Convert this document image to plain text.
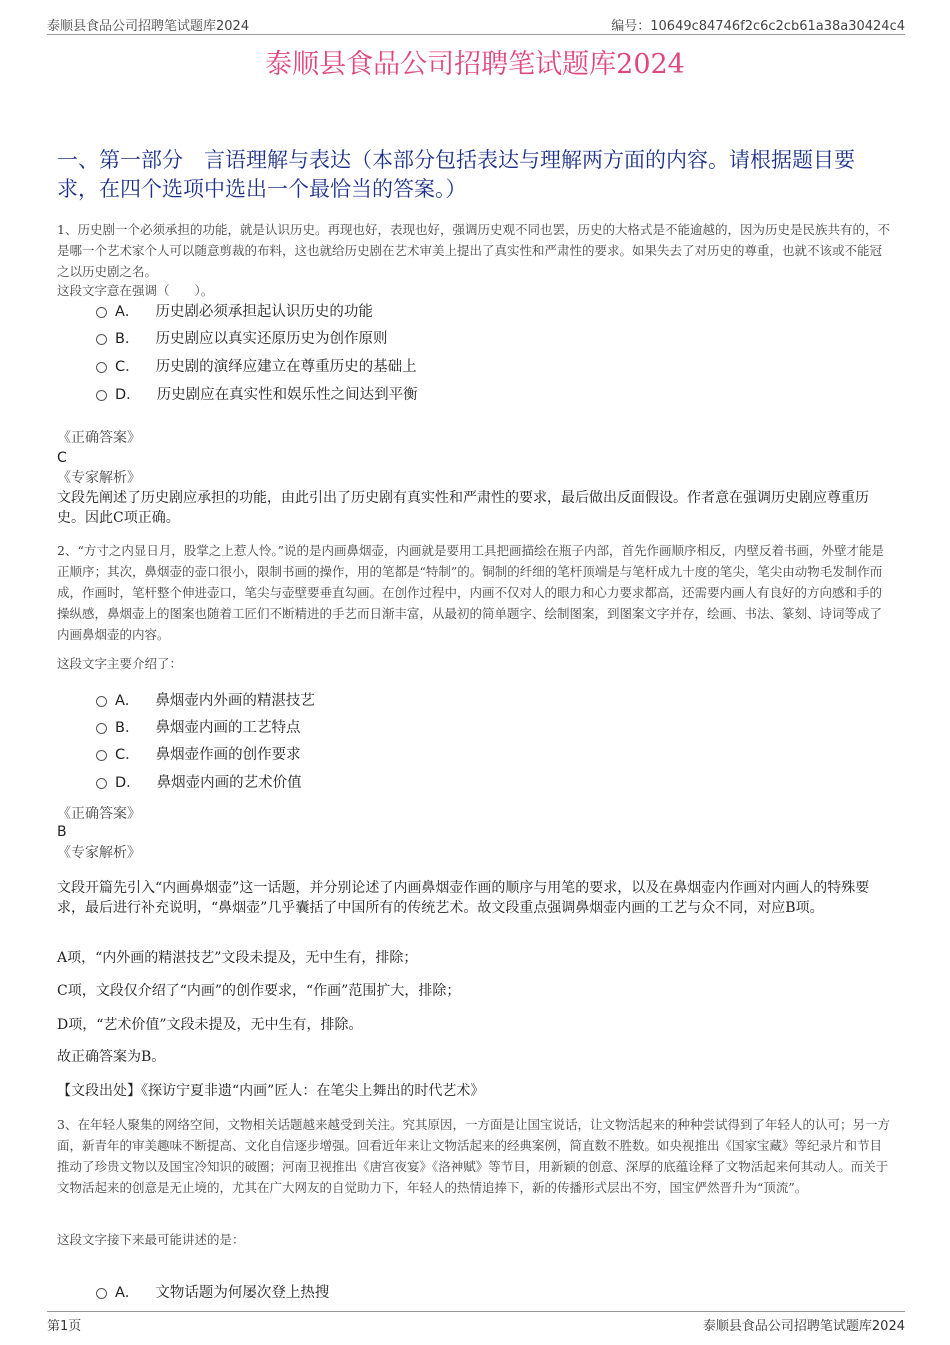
泰顺县食品公司招聘笔试题库2024	编号：10649c84746f2c6c2cb61a38a30424c4
泰顺县食品公司招聘笔试题库2024
一、第一部分　言语理解与表达（本部分包括表达与理解两方面的内容。请根据题目要求，在四个选项中选出一个最恰当的答案。）
1、历史剧一个必须承担的功能，就是认识历史。再现也好，表现也好，强调历史观不同也罢，历史的大格式是不能逾越的，因为历史是民族共有的，不是哪一个艺术家个人可以随意剪裁的布料，这也就给历史剧在艺术审美上提出了真实性和严肃性的要求。如果失去了对历史的尊重，也就不该或不能冠之以历史剧之名。
这段文字意在强调（　　）。
A． 历史剧必须承担起认识历史的功能
B． 历史剧应以真实还原历史为创作原则
C． 历史剧的演绎应建立在尊重历史的基础上
D． 历史剧应在真实性和娱乐性之间达到平衡
《正确答案》
C
《专家解析》
文段先阐述了历史剧应承担的功能，由此引出了历史剧有真实性和严肃性的要求，最后做出反面假设。作者意在强调历史剧应尊重历史。因此C项正确。
2、“方寸之内显日月，股掌之上惹人怜。”说的是内画鼻烟壶，内画就是要用工具把画描绘在瓶子内部，首先作画顺序相反，内壁反着书画，外壁才能是正顺序；其次，鼻烟壶的壶口很小，限制书画的操作，用的笔都是“特制”的。铜制的纤细的笔杆顶端是与笔杆成九十度的笔尖，笔尖由动物毛发制作而成，作画时，笔杆整个伸进壶口，笔尖与壶壁要垂直勾画。在创作过程中，内画不仅对人的眼力和心力要求都高，还需要内画人有良好的方向感和手的操纵感，鼻烟壶上的图案也随着工匠们不断精进的手艺而日渐丰富，从最初的简单题字、绘制图案，到图案文字并存，绘画、书法、篆刻、诗词等成了内画鼻烟壶的内容。
这段文字主要介绍了：
A． 鼻烟壶内外画的精湛技艺
B． 鼻烟壶内画的工艺特点
C． 鼻烟壶作画的创作要求
D． 鼻烟壶内画的艺术价值
《正确答案》
B
《专家解析》
文段开篇先引入“内画鼻烟壶”这一话题，并分别论述了内画鼻烟壶作画的顺序与用笔的要求，以及在鼻烟壶内作画对内画人的特殊要求，最后进行补充说明，“鼻烟壶”几乎囊括了中国所有的传统艺术。故文段重点强调鼻烟壶内画的工艺与众不同，对应B项。
A项，“内外画的精湛技艺”文段未提及，无中生有，排除；
C项，文段仅介绍了“内画”的创作要求，“作画”范围扩大，排除；
D项，“艺术价值”文段未提及，无中生有，排除。
故正确答案为B。
【文段出处】《探访宁夏非遗“内画”匠人：在笔尖上舞出的时代艺术》
3、在年轻人聚集的网络空间，文物相关话题越来越受到关注。究其原因，一方面是让国宝说话，让文物活起来的种种尝试得到了年轻人的认可；另一方面，新青年的审美趣味不断提高、文化自信逐步增强。回看近年来让文物活起来的经典案例，简直数不胜数。如央视推出《国家宝藏》等纪录片和节目推动了珍贵文物以及国宝冷知识的破圈；河南卫视推出《唐宫夜宴》《洛神赋》等节目，用新颖的创意、深厚的底蕴诠释了文物活起来何其动人。而关于文物活起来的创意是无止境的，尤其在广大网友的自觉助力下，年轻人的热情追捧下，新的传播形式层出不穷，国宝俨然晋升为“顶流”。
这段文字接下来最可能讲述的是：
A． 文物话题为何屡次登上热搜
第1页	泰顺县食品公司招聘笔试题库2024
